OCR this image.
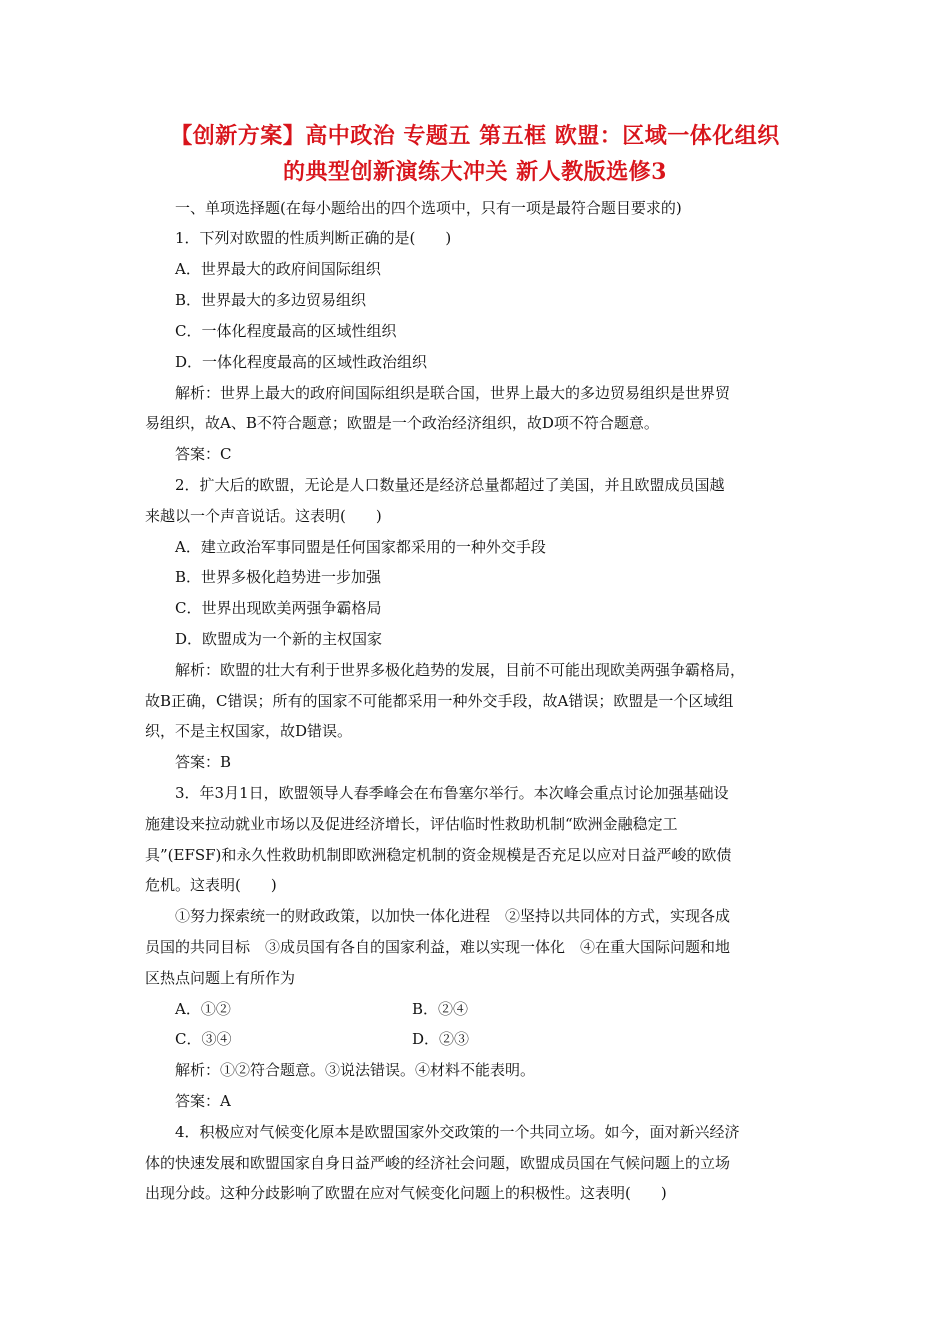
【创新方案】高中政治 专题五 第五框 欧盟：区域一体化组织
的典型创新演练大冲关 新人教版选修3
一、单项选择题(在每小题给出的四个选项中，只有一项是最符合题目要求的)
1．下列对欧盟的性质判断正确的是(　　)
A．世界最大的政府间国际组织
B．世界最大的多边贸易组织
C．一体化程度最高的区域性组织
D．一体化程度最高的区域性政治组织
解析：世界上最大的政府间国际组织是联合国，世界上最大的多边贸易组织是世界贸
易组织，故A、B不符合题意；欧盟是一个政治经济组织，故D项不符合题意。
答案：C
2．扩大后的欧盟，无论是人口数量还是经济总量都超过了美国，并且欧盟成员国越
来越以一个声音说话。这表明(　　)
A．建立政治军事同盟是任何国家都采用的一种外交手段
B．世界多极化趋势进一步加强
C．世界出现欧美两强争霸格局
D．欧盟成为一个新的主权国家
解析：欧盟的壮大有利于世界多极化趋势的发展，目前不可能出现欧美两强争霸格局，
故B正确，C错误；所有的国家不可能都采用一种外交手段，故A错误；欧盟是一个区域组
织，不是主权国家，故D错误。
答案：B
3．年3月1日，欧盟领导人春季峰会在布鲁塞尔举行。本次峰会重点讨论加强基础设
施建设来拉动就业市场以及促进经济增长，评估临时性救助机制“欧洲金融稳定工
具”(EFSF)和永久性救助机制即欧洲稳定机制的资金规模是否充足以应对日益严峻的欧债
危机。这表明(　　)
①努力探索统一的财政政策，以加快一体化进程　②坚持以共同体的方式，实现各成
员国的共同目标　③成员国有各自的国家利益，难以实现一体化　④在重大国际问题和地
区热点问题上有所作为
A．①②	B．②④
C．③④	D．②③
解析：①②符合题意。③说法错误。④材料不能表明。
答案：A
4．积极应对气候变化原本是欧盟国家外交政策的一个共同立场。如今，面对新兴经济
体的快速发展和欧盟国家自身日益严峻的经济社会问题，欧盟成员国在气候问题上的立场
出现分歧。这种分歧影响了欧盟在应对气候变化问题上的积极性。这表明(　　)
